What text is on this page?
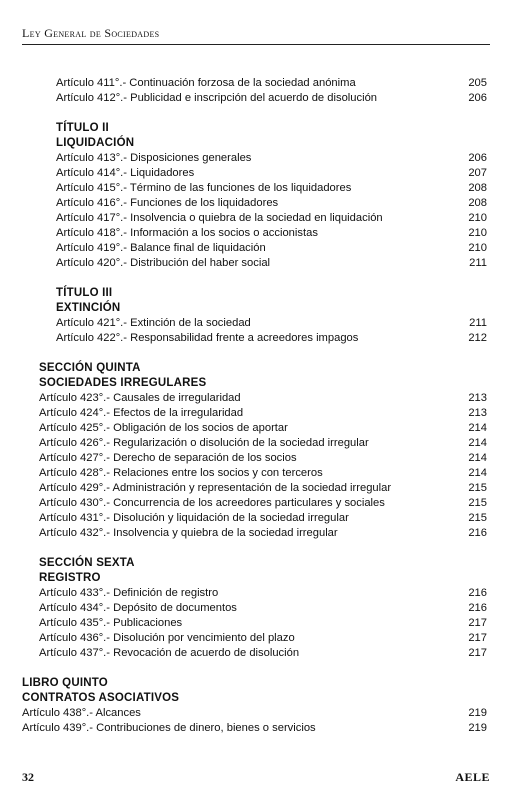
Ley General de Sociedades
Artículo 411°.- Continuación forzosa de la sociedad anónima	205
Artículo 412°.- Publicidad e inscripción del acuerdo de disolución	206
TÍTULO II
LIQUIDACIÓN
Artículo 413°.- Disposiciones generales	206
Artículo 414°.- Liquidadores	207
Artículo 415°.- Término de las funciones de los liquidadores	208
Artículo 416°.- Funciones de los liquidadores	208
Artículo 417°.- Insolvencia o quiebra de la sociedad en liquidación	210
Artículo 418°.- Información a los socios o accionistas	210
Artículo 419°.- Balance final de liquidación	210
Artículo 420°.- Distribución del haber social	211
TÍTULO III
EXTINCIÓN
Artículo 421°.- Extinción de la sociedad	211
Artículo 422°.- Responsabilidad frente a acreedores impagos	212
SECCIÓN QUINTA
SOCIEDADES IRREGULARES
Artículo 423°.- Causales de irregularidad	213
Artículo 424°.- Efectos de la irregularidad	213
Artículo 425°.- Obligación de los socios de aportar	214
Artículo 426°.- Regularización o disolución de la sociedad irregular	214
Artículo 427°.- Derecho de separación de los socios	214
Artículo 428°.- Relaciones entre los socios y con terceros	214
Artículo 429°.- Administración y representación de la sociedad irregular	215
Artículo 430°.- Concurrencia de los acreedores particulares y sociales	215
Artículo 431°.- Disolución y liquidación de la sociedad irregular	215
Artículo 432°.- Insolvencia y quiebra de la sociedad irregular	216
SECCIÓN SEXTA
REGISTRO
Artículo 433°.- Definición de registro	216
Artículo 434°.- Depósito de documentos	216
Artículo 435°.- Publicaciones	217
Artículo 436°.- Disolución por vencimiento del plazo	217
Artículo 437°.- Revocación de acuerdo de disolución	217
LIBRO QUINTO
CONTRATOS ASOCIATIVOS
Artículo 438°.- Alcances	219
Artículo 439°.- Contribuciones de dinero, bienes o servicios	219
32	AELE
